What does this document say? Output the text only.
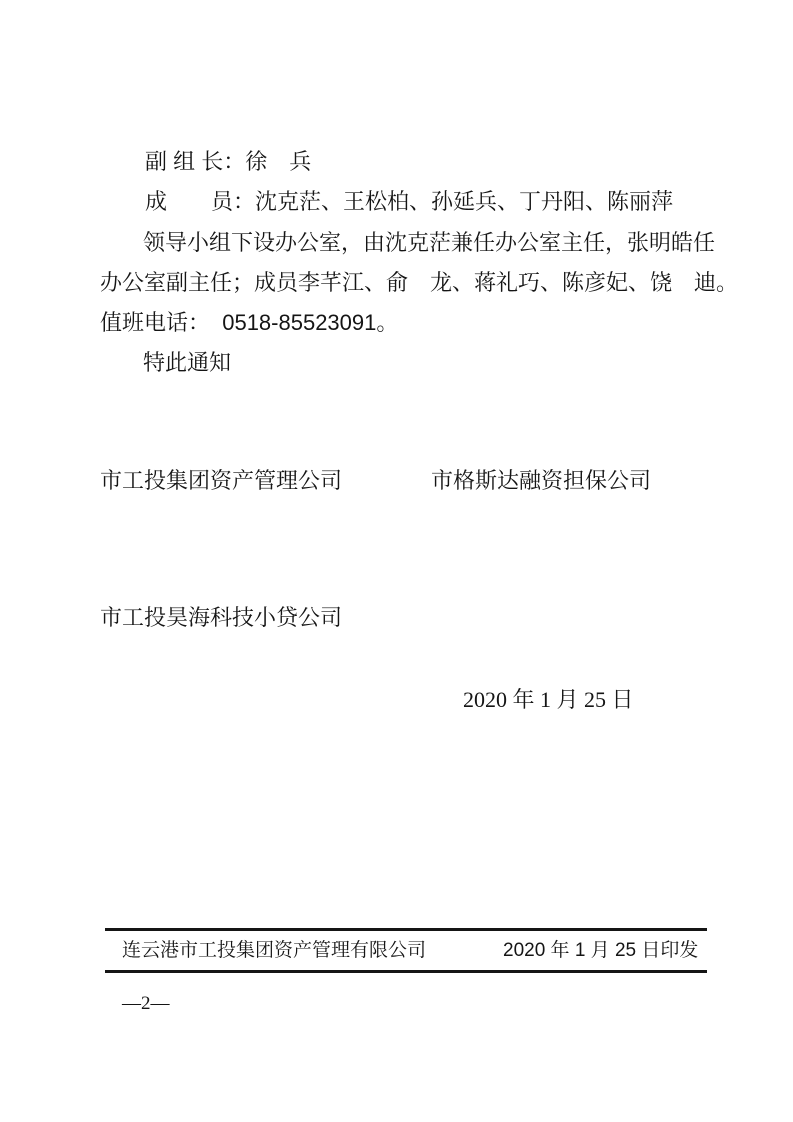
副 组 长：徐　兵
成　　员：沈克茫、王松柏、孙延兵、丁丹阳、陈丽萍
领导小组下设办公室，由沈克茫兼任办公室主任，张明皓任
办公室副主任；成员李芊江、俞　龙、蒋礼巧、陈彦妃、饶　迪。
值班电话：  0518-85523091。
特此通知
市工投集团资产管理公司	市格斯达融资担保公司
市工投昊海科技小贷公司
2020 年 1 月 25 日
连云港市工投集团资产管理有限公司	2020 年 1 月 25 日印发
—2—
